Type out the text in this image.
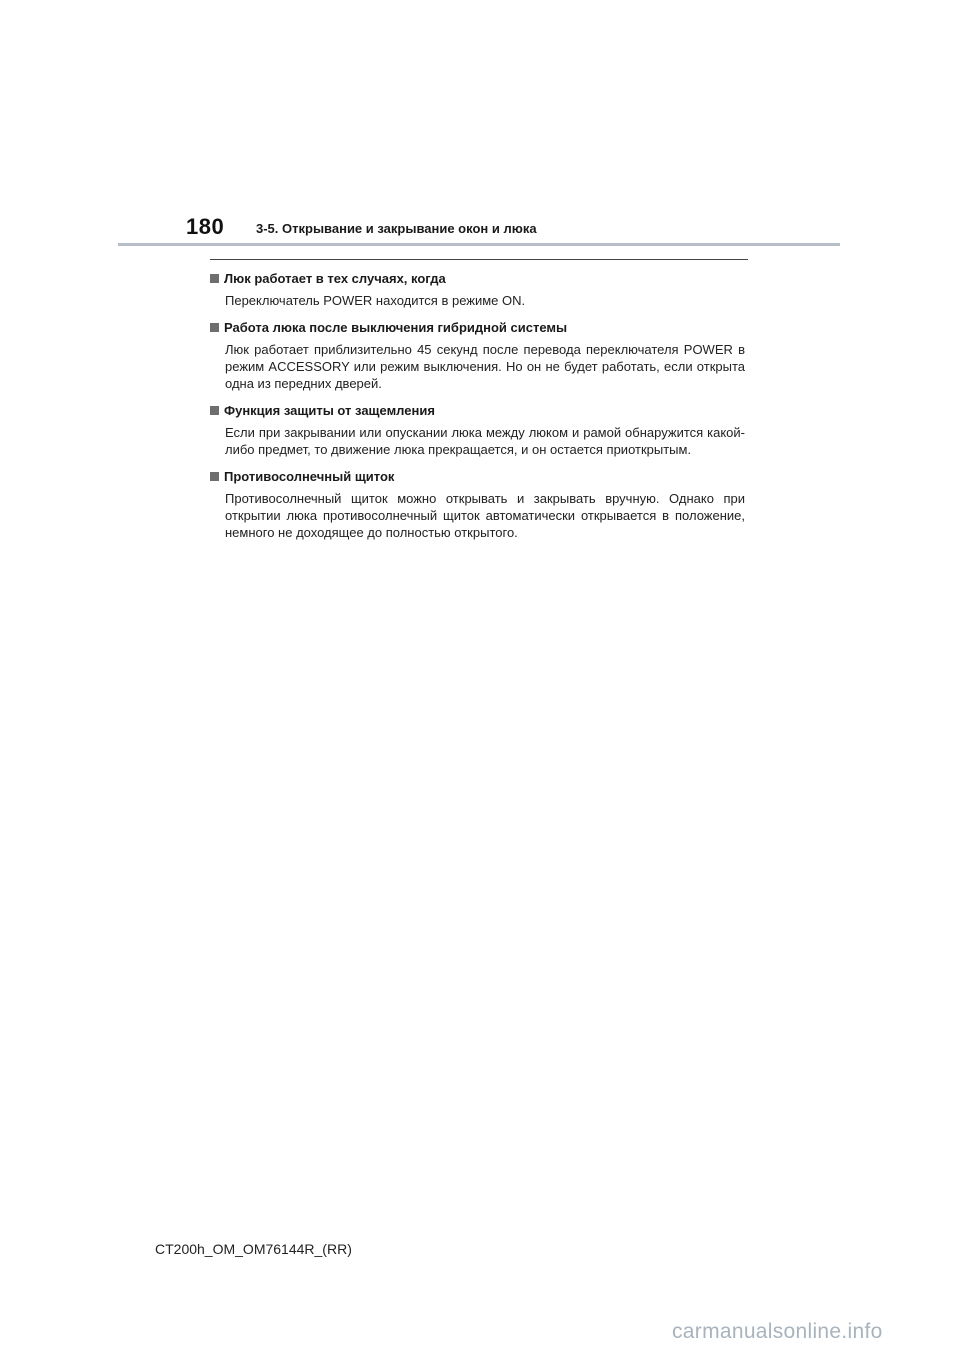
180 3-5. Открывание и закрывание окон и люка
Люк работает в тех случаях, когда
Переключатель POWER находится в режиме ON.
Работа люка после выключения гибридной системы
Люк работает приблизительно 45 секунд после перевода переключателя POWER в режим ACCESSORY или режим выключения. Но он не будет работать, если открыта одна из передних дверей.
Функция защиты от защемления
Если при закрывании или опускании люка между люком и рамой обнаружится какой-либо предмет, то движение люка прекращается, и он остается приоткрытым.
Противосолнечный щиток
Противосолнечный щиток можно открывать и закрывать вручную. Однако при открытии люка противосолнечный щиток автоматически открывается в положение, немного не доходящее до полностью открытого.
CT200h_OM_OM76144R_(RR)
carmanualsonline.info
